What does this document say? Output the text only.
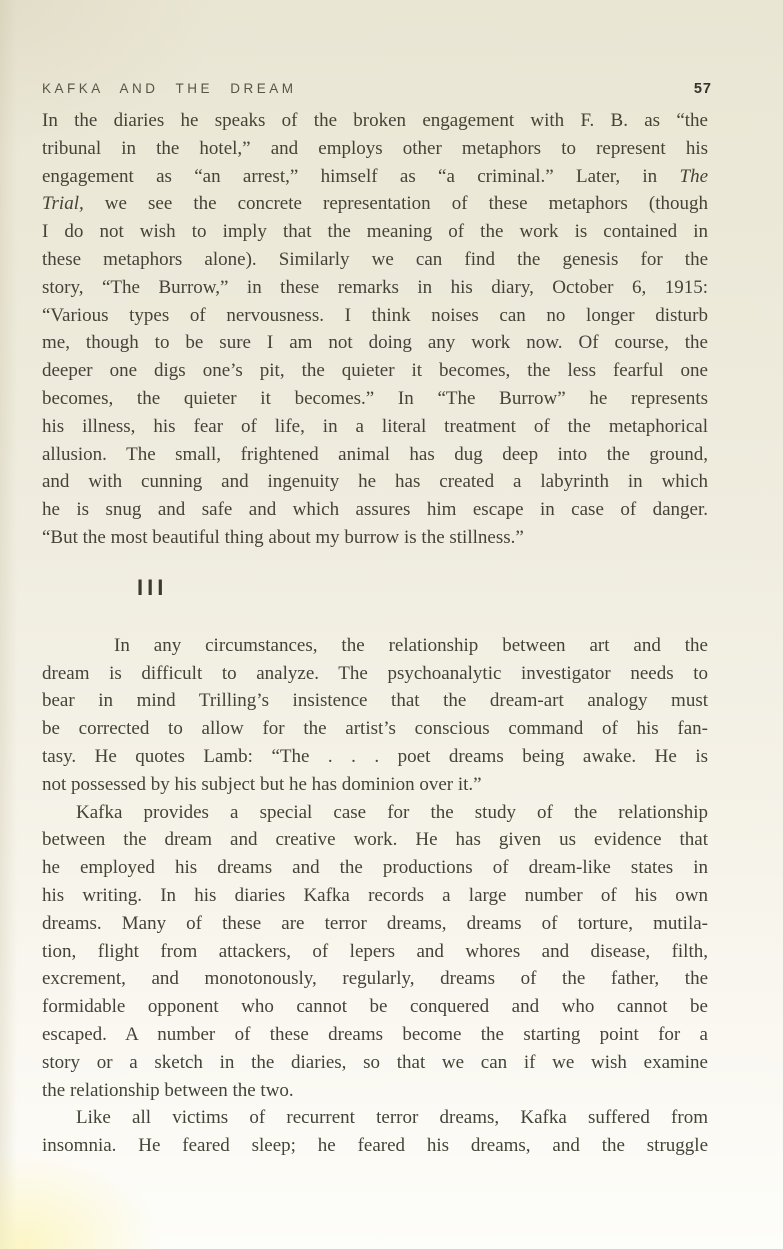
KAFKA AND THE DREAM	57
In the diaries he speaks of the broken engagement with F. B. as “the
tribunal in the hotel,” and employs other metaphors to represent his
engagement as “an arrest,” himself as “a criminal.” Later, in The
Trial, we see the concrete representation of these metaphors (though
I do not wish to imply that the meaning of the work is contained in
these metaphors alone). Similarly we can find the genesis for the
story, “The Burrow,” in these remarks in his diary, October 6, 1915:
“Various types of nervousness. I think noises can no longer disturb
me, though to be sure I am not doing any work now. Of course, the
deeper one digs one’s pit, the quieter it becomes, the less fearful one
becomes, the quieter it becomes.” In “The Burrow” he represents
his illness, his fear of life, in a literal treatment of the metaphorical
allusion. The small, frightened animal has dug deep into the ground,
and with cunning and ingenuity he has created a labyrinth in which
he is snug and safe and which assures him escape in case of danger.
“But the most beautiful thing about my burrow is the stillness.”
III
In any circumstances, the relationship between art and the
dream is difficult to analyze. The psychoanalytic investigator needs to
bear in mind Trilling’s insistence that the dream-art analogy must
be corrected to allow for the artist’s conscious command of his fan-
tasy. He quotes Lamb: “The . . . poet dreams being awake. He is
not possessed by his subject but he has dominion over it.”
Kafka provides a special case for the study of the relationship
between the dream and creative work. He has given us evidence that
he employed his dreams and the productions of dream-like states in
his writing. In his diaries Kafka records a large number of his own
dreams. Many of these are terror dreams, dreams of torture, mutila-
tion, flight from attackers, of lepers and whores and disease, filth,
excrement, and monotonously, regularly, dreams of the father, the
formidable opponent who cannot be conquered and who cannot be
escaped. A number of these dreams become the starting point for a
story or a sketch in the diaries, so that we can if we wish examine
the relationship between the two.
Like all victims of recurrent terror dreams, Kafka suffered from
insomnia. He feared sleep; he feared his dreams, and the struggle
